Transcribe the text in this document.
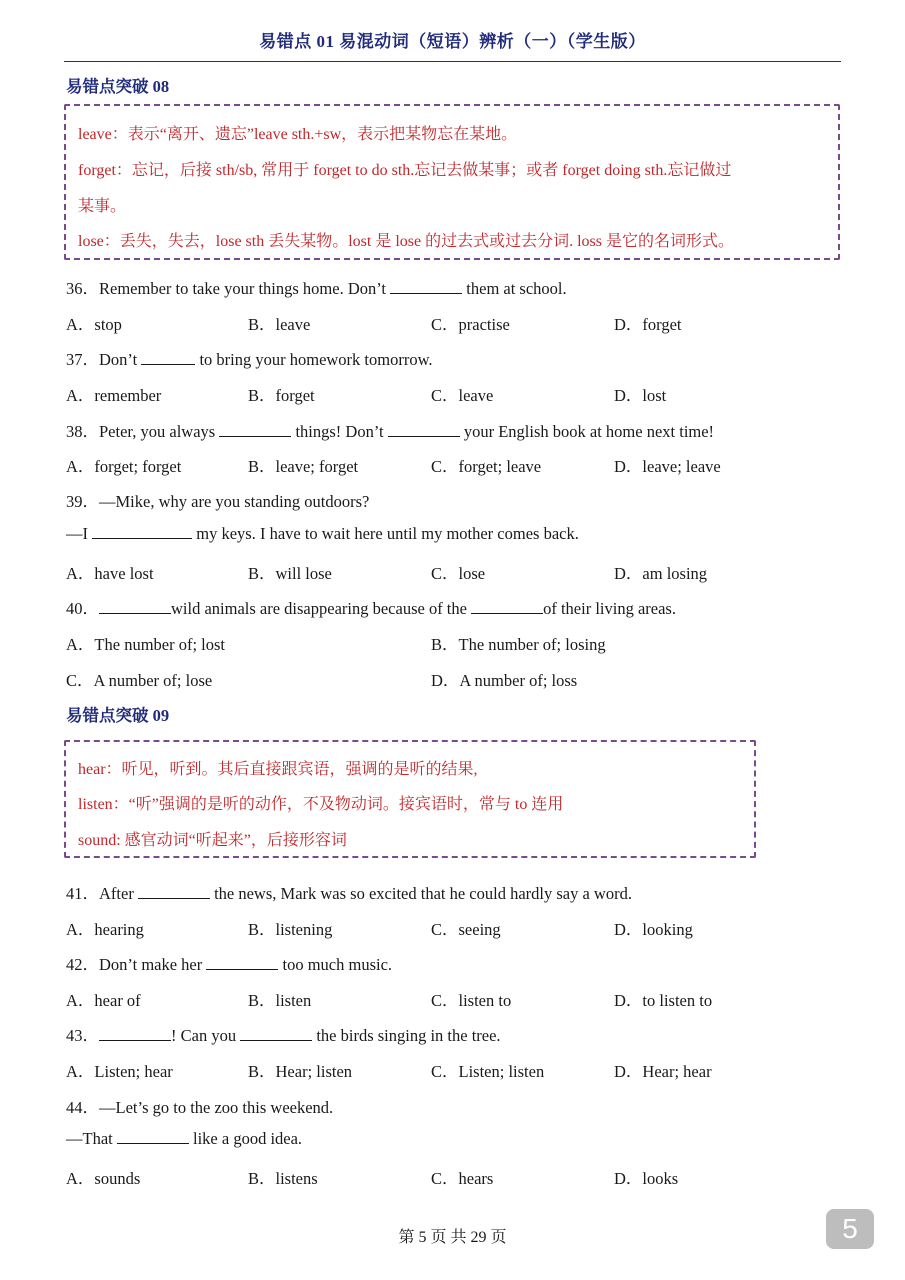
易错点 01 易混动词（短语）辨析（一）（学生版）
易错点突破 08
leave：表示“离开、遗忘”leave sth.+sw，表示把某物忘在某地。
forget：忘记，后接 sth/sb, 常用于 forget to do sth.忘记去做某事；或者 forget doing sth.忘记做过
某事。
lose：丢失，失去，lose sth 丢失某物。lost 是 lose 的过去式或过去分词. loss 是它的名词形式。
36．Remember to take your things home. Don’t	them at school.
A．stop	B．leave	C．practise	D．forget
37．Don’t	to bring your homework tomorrow.
A．remember	B．forget	C．leave	D．lost
38．Peter, you always	things! Don’t	your English book at home next time!
A．forget; forget	B．leave; forget	C．forget; leave	D．leave; leave
39．—Mike, why are you standing outdoors?
—I	my keys. I have to wait here until my mother comes back.
A．have lost	B．will lose	C．lose	D．am losing
40．	wild animals are disappearing because of the	of their living areas.
A．The number of; lost	B．The number of; losing
C．A number of; lose	D．A number of; loss
易错点突破 09
hear：听见，听到。其后直接跟宾语，强调的是听的结果,
listen：“听”强调的是听的动作，不及物动词。接宾语时，常与 to 连用
sound: 感官动词“听起来”，后接形容词
41．After	the news, Mark was so excited that he could hardly say a word.
A．hearing	B．listening	C．seeing	D．looking
42．Don’t make her	too much music.
A．hear of	B．listen	C．listen to	D．to listen to
43．	! Can you	the birds singing in the tree.
A．Listen; hear	B．Hear; listen	C．Listen; listen	D．Hear; hear
44．—Let’s go to the zoo this weekend.
—That	like a good idea.
A．sounds	B．listens	C．hears	D．looks
第 5 页 共 29 页	5
